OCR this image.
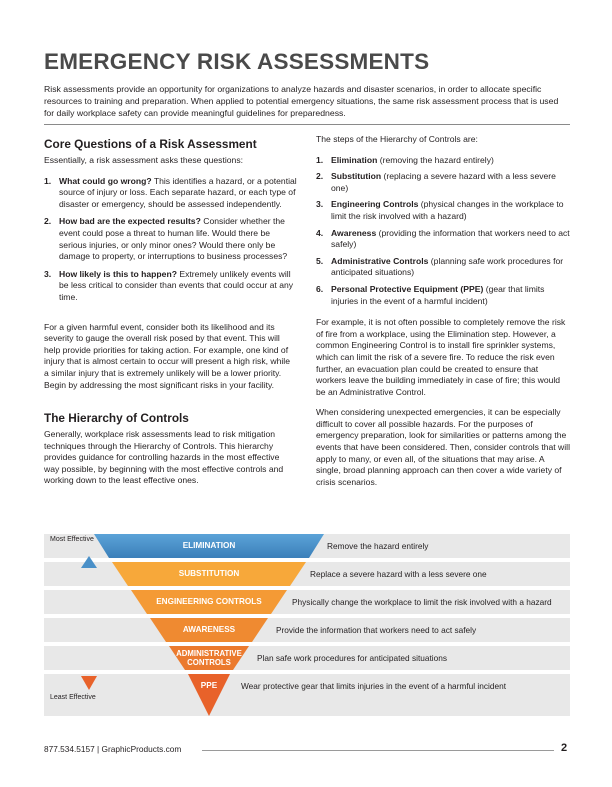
EMERGENCY RISK ASSESSMENTS

Risk assessments provide an opportunity for organizations to analyze hazards and disaster scenarios, in order to allocate specific resources to training and preparation. When applied to potential emergency situations, the same risk assessment process that is used for daily workplace safety can provide meaningful guidelines for preparedness.

Core Questions of a Risk Assessment

Essentially, a risk assessment asks these questions:

1. What could go wrong? This identifies a hazard, or a potential source of injury or loss. Each separate hazard, or each type of disaster or emergency, should be assessed independently.
2. How bad are the expected results? Consider whether the event could pose a threat to human life. Would there be serious injuries, or only minor ones? Would there only be damage to property, or interruptions to business processes?
3. How likely is this to happen? Extremely unlikely events will be less critical to consider than events that could occur at any time.

For a given harmful event, consider both its likelihood and its severity to gauge the overall risk posed by that event. This will help provide priorities for taking action. For example, one kind of injury that is almost certain to occur will present a high risk, while a similar injury that is extremely unlikely will be a lower priority. Begin by addressing the most significant risks in your facility.

The Hierarchy of Controls

Generally, workplace risk assessments lead to risk mitigation techniques through the Hierarchy of Controls. This hierarchy provides guidance for controlling hazards in the most effective way possible, by beginning with the most effective controls and working down to the least effective ones.

The steps of the Hierarchy of Controls are:

1. Elimination (removing the hazard entirely)
2. Substitution (replacing a severe hazard with a less severe one)
3. Engineering Controls (physical changes in the workplace to limit the risk involved with a hazard)
4. Awareness (providing the information that workers need to act safely)
5. Administrative Controls (planning safe work procedures for anticipated situations)
6. Personal Protective Equipment (PPE) (gear that limits injuries in the event of a harmful incident)

For example, it is not often possible to completely remove the risk of fire from a workplace, using the Elimination step. However, a common Engineering Control is to install fire sprinkler systems, which can limit the risk of a severe fire. To reduce the risk even further, an evacuation plan could be created to ensure that workers leave the building immediately in case of fire; this would be an Administrative Control.

When considering unexpected emergencies, it can be especially difficult to cover all possible hazards. For the purposes of emergency preparation, look for similarities or patterns among the events that have been considered. Then, consider controls that will apply to many, or even all, of the situations that may arise. A single, broad planning approach can then cover a wide variety of crisis scenarios.

Most Effective
Least Effective
ELIMINATION
SUBSTITUTION
ENGINEERING CONTROLS
AWARENESS
ADMINISTRATIVE
CONTROLS
PPE
Remove the hazard entirely
Replace a severe hazard with a less severe one
Physically change the workplace to limit the risk involved with a hazard
Provide the information that workers need to act safely
Plan safe work procedures for anticipated situations
Wear protective gear that limits injuries in the event of a harmful incident
877.534.5157 | GraphicProducts.com	2
